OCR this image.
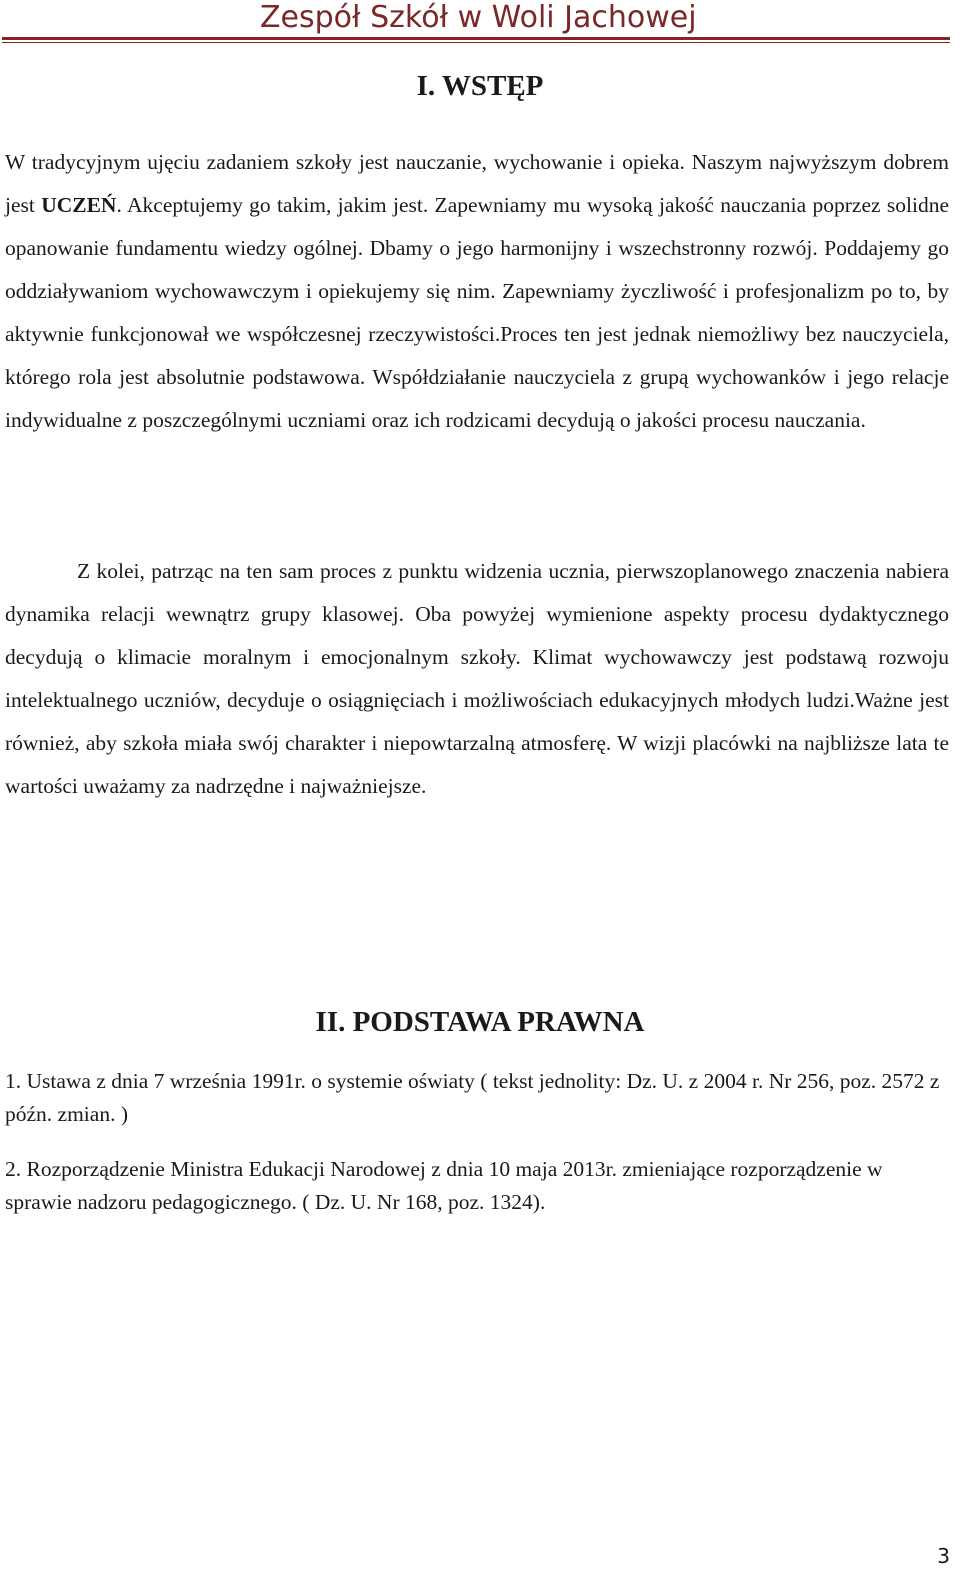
Zespół Szkół w Woli Jachowej
I. WSTĘP

W tradycyjnym ujęciu zadaniem szkoły jest nauczanie, wychowanie i opieka. Naszym najwyższym dobrem jest UCZEŃ. Akceptujemy go takim, jakim jest. Zapewniamy mu wysoką jakość nauczania poprzez solidne opanowanie fundamentu wiedzy ogólnej. Dbamy o jego harmonijny i wszechstronny rozwój. Poddajemy go oddziaływaniom wychowawczym i opiekujemy się nim. Zapewniamy życzliwość i profesjonalizm po to, by aktywnie funkcjonował we współczesnej rzeczywistości.Proces ten jest jednak niemożliwy bez nauczyciela, którego rola jest absolutnie podstawowa. Współdziałanie nauczyciela z grupą wychowanków i jego relacje indywidualne z poszczególnymi uczniami oraz ich rodzicami decydują o jakości procesu nauczania.

Z kolei, patrząc na ten sam proces z punktu widzenia ucznia, pierwszoplanowego znaczenia nabiera dynamika relacji wewnątrz grupy klasowej. Oba powyżej wymienione aspekty procesu dydaktycznego decydują o klimacie moralnym i emocjonalnym szkoły. Klimat wychowawczy jest podstawą rozwoju intelektualnego uczniów, decyduje o osiągnięciach i możliwościach edukacyjnych młodych ludzi.Ważne jest również, aby szkoła miała swój charakter i niepowtarzalną atmosferę. W wizji placówki na najbliższe lata te wartości uważamy za nadrzędne i najważniejsze.

II. PODSTAWA PRAWNA

1. Ustawa z dnia 7 września 1991r. o systemie oświaty ( tekst jednolity: Dz. U. z 2004 r. Nr 256, poz. 2572 z późn. zmian. )

2. Rozporządzenie Ministra Edukacji Narodowej z dnia 10 maja 2013r. zmieniające rozporządzenie w sprawie nadzoru pedagogicznego. ( Dz. U. Nr 168, poz. 1324).

3
